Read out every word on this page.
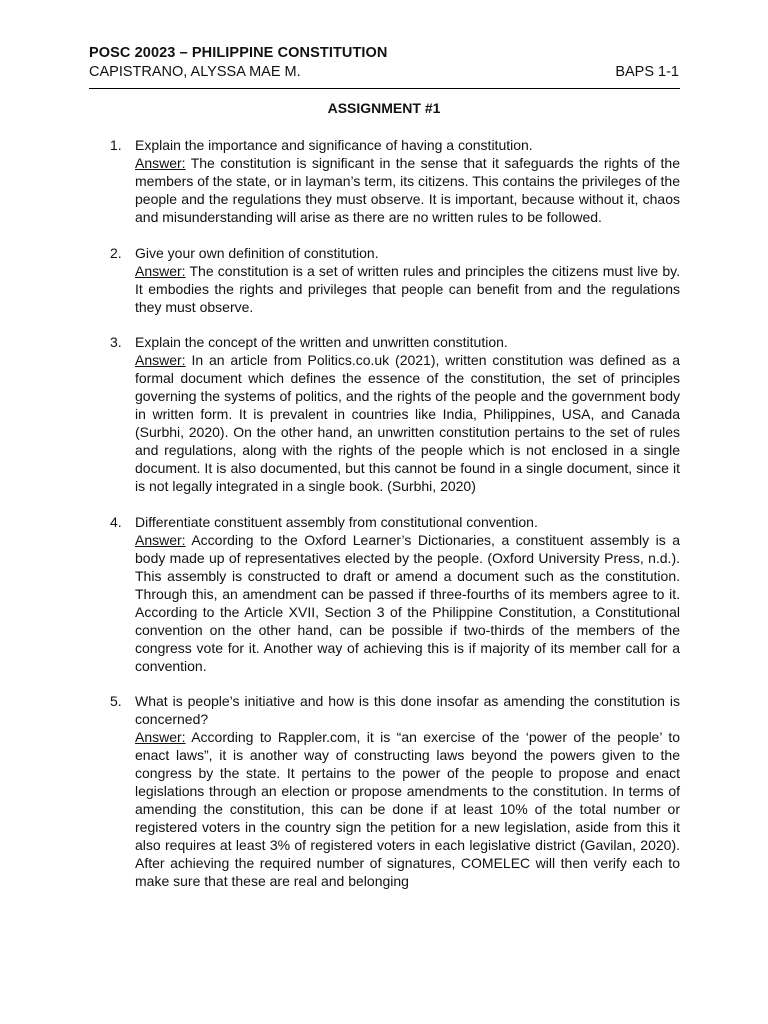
POSC 20023 – PHILIPPINE CONSTITUTION
CAPISTRANO, ALYSSA MAE M.	BAPS 1-1
ASSIGNMENT #1
1. Explain the importance and significance of having a constitution.

Answer: The constitution is significant in the sense that it safeguards the rights of the members of the state, or in layman’s term, its citizens. This contains the privileges of the people and the regulations they must observe. It is important, because without it, chaos and misunderstanding will arise as there are no written rules to be followed.

2. Give your own definition of constitution.

Answer: The constitution is a set of written rules and principles the citizens must live by. It embodies the rights and privileges that people can benefit from and the regulations they must observe.

3. Explain the concept of the written and unwritten constitution.

Answer: In an article from Politics.co.uk (2021), written constitution was defined as a formal document which defines the essence of the constitution, the set of principles governing the systems of politics, and the rights of the people and the government body in written form. It is prevalent in countries like India, Philippines, USA, and Canada (Surbhi, 2020). On the other hand, an unwritten constitution pertains to the set of rules and regulations, along with the rights of the people which is not enclosed in a single document. It is also documented, but this cannot be found in a single document, since it is not legally integrated in a single book. (Surbhi, 2020)

4. Differentiate constituent assembly from constitutional convention.

Answer: According to the Oxford Learner’s Dictionaries, a constituent assembly is a body made up of representatives elected by the people. (Oxford University Press, n.d.). This assembly is constructed to draft or amend a document such as the constitution. Through this, an amendment can be passed if three-fourths of its members agree to it. According to the Article XVII, Section 3 of the Philippine Constitution, a Constitutional convention on the other hand, can be possible if two-thirds of the members of the congress vote for it. Another way of achieving this is if majority of its member call for a convention.

5. What is people’s initiative and how is this done insofar as amending the constitution is concerned?

Answer: According to Rappler.com, it is “an exercise of the ‘power of the people’ to enact laws”, it is another way of constructing laws beyond the powers given to the congress by the state. It pertains to the power of the people to propose and enact legislations through an election or propose amendments to the constitution. In terms of amending the constitution, this can be done if at least 10% of the total number or registered voters in the country sign the petition for a new legislation, aside from this it also requires at least 3% of registered voters in each legislative district (Gavilan, 2020). After achieving the required number of signatures, COMELEC will then verify each to make sure that these are real and belonging
